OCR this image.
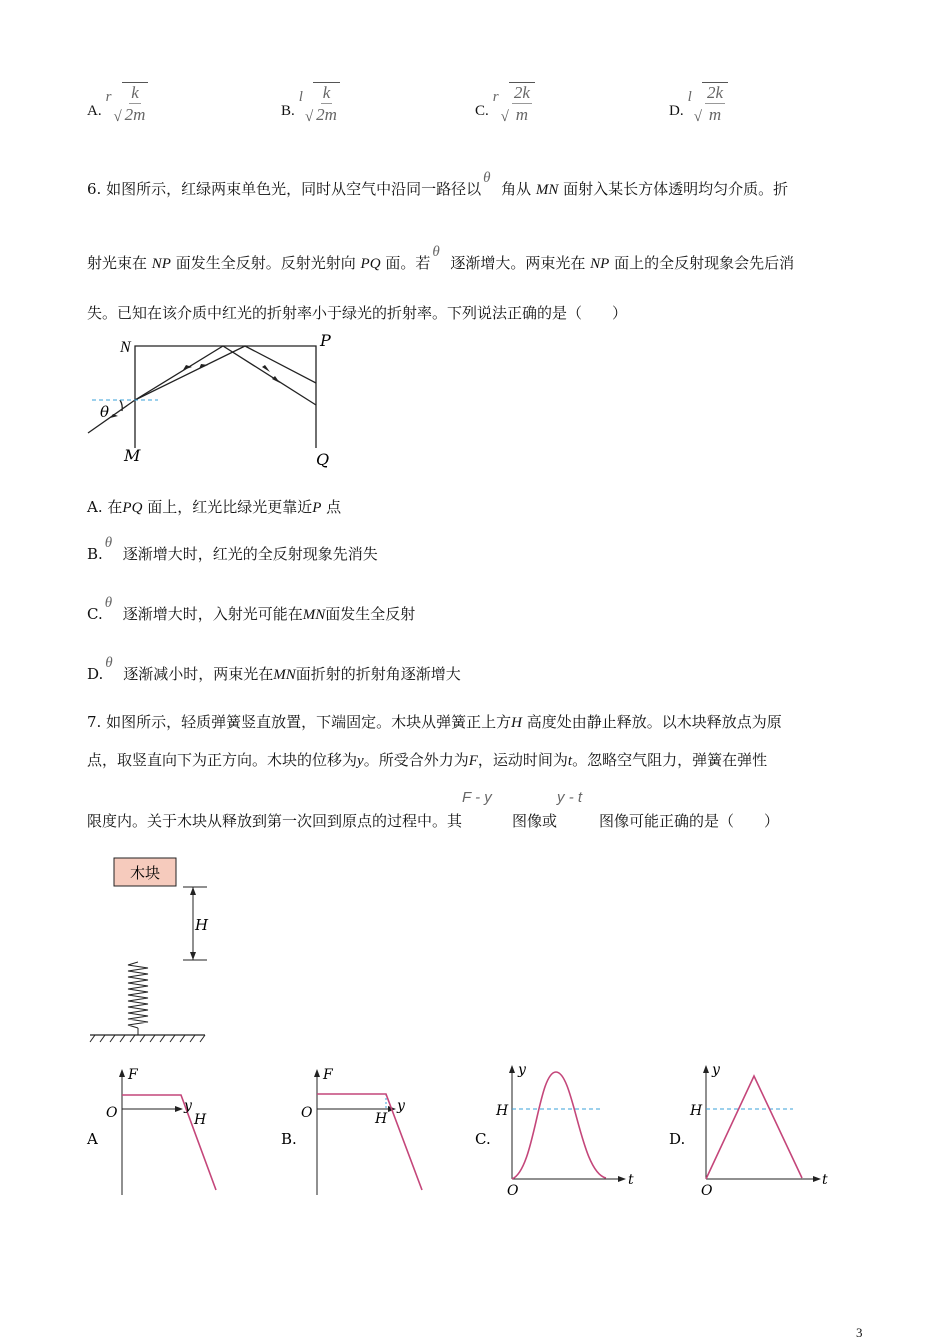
A.
r
√ $\frac{k}{2m}$	B.
l
√ $\frac{k}{2m}$	C.
r
√ $\frac{2k}{m}$	D.
l
√ $\frac{2k}{m}$
6. 如图所示，红绿两束单色光，同时从空气中沿同一路径以
θ
角从 MN 面射入某长方体透明均匀介质。折
射光束在 NP 面发生全反射。反射光射向 PQ 面。若
θ
逐渐增大。两束光在 NP 面上的全反射现象会先后消
失。已知在该介质中红光的折射率小于绿光的折射率。下列说法正确的是（　　）
N	P
M	Q
θ
A. 在PQ 面上，红光比绿光更靠近P 点
B.
θ
逐渐增大时，红光的全反射现象先消失
C.
θ
逐渐增大时，入射光可能在MN面发生全反射
D.
θ
逐渐减小时，两束光在MN面折射的折射角逐渐增大
7. 如图所示，轻质弹簧竖直放置，下端固定。木块从弹簧正上方H 高度处由静止释放。以木块释放点为原
点，取竖直向下为正方向。木块的位移为y。所受合外力为F，运动时间为t。忽略空气阻力，弹簧在弹性
限度内。关于木块从释放到第一次回到原点的过程中。其F - y图像或y - t图像可能正确的是（　　）
木块
H
A
F
y
O	H
B.
F
y
O	H
C.
y
t
O
H
D.
y
t
O
H
3
